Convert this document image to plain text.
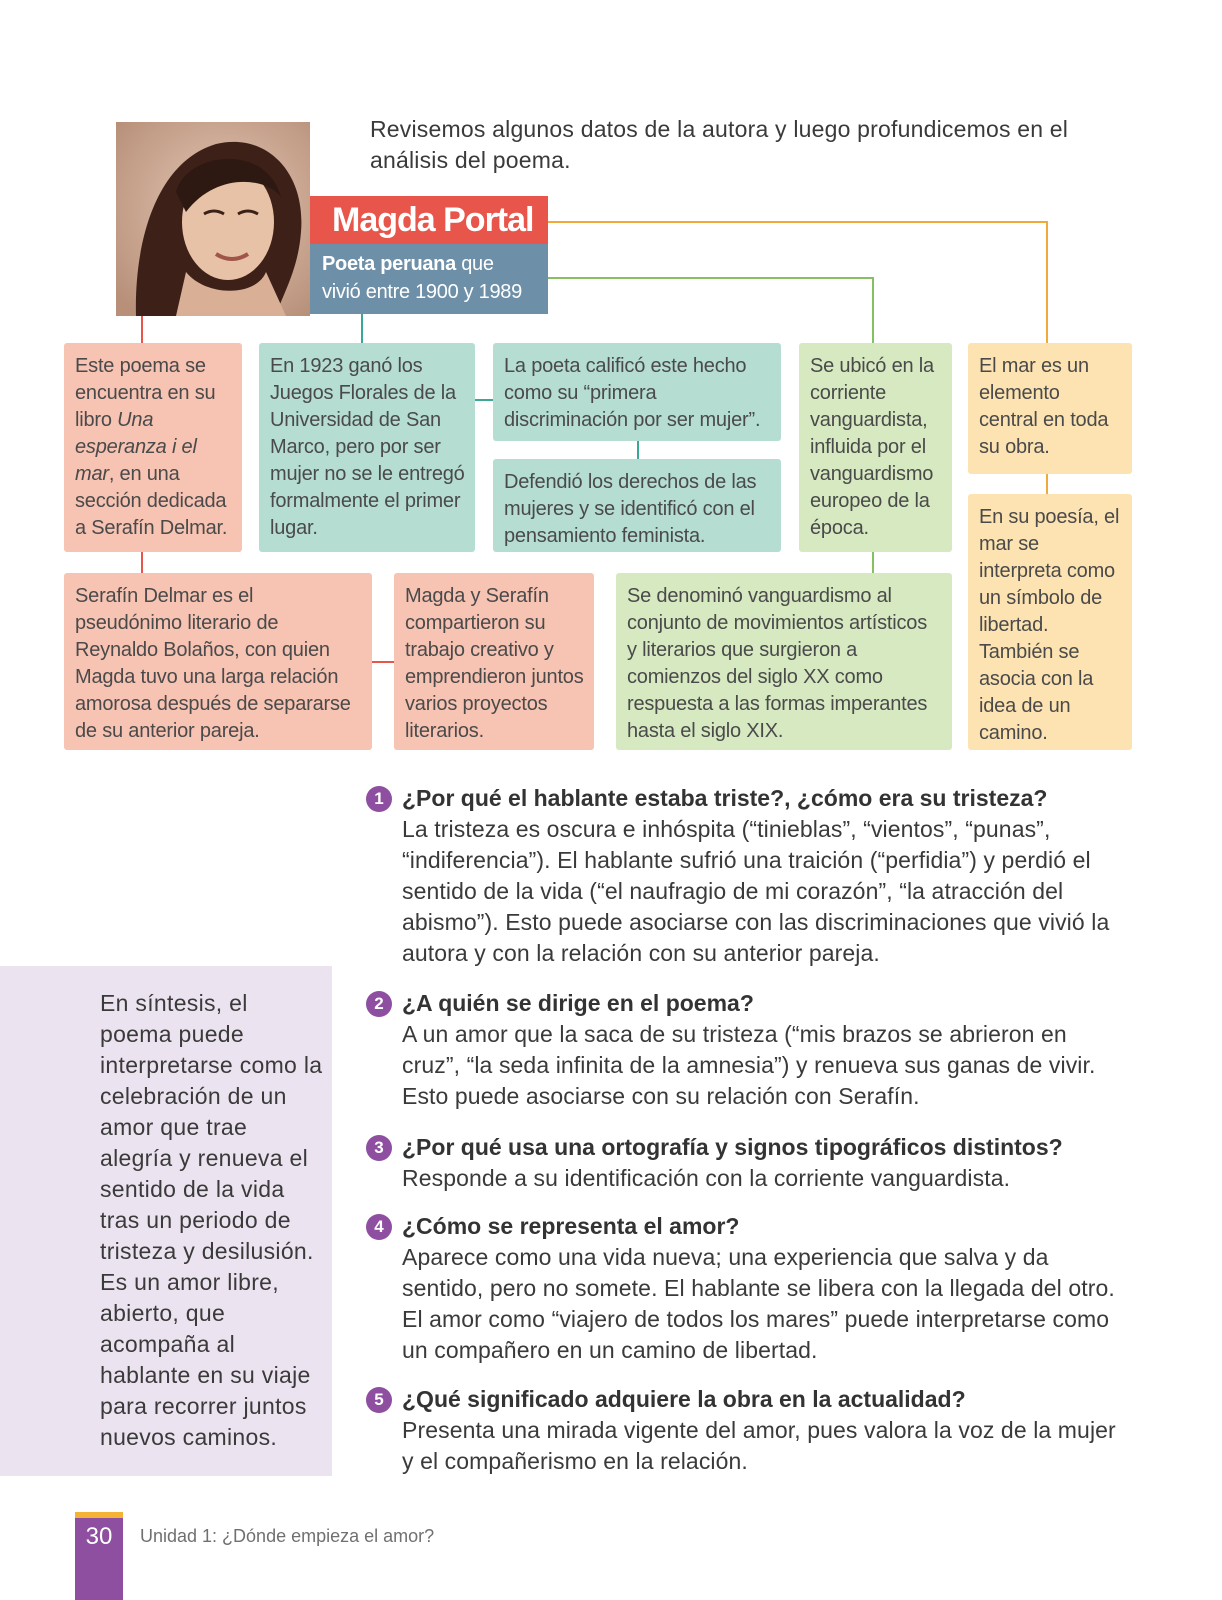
Revisemos algunos datos de la autora y luego profundicemos en el análisis del poema.
Magda Portal
Poeta peruana que
vivió entre 1900 y 1989
Este poema se encuentra en su libro Una esperanza i el mar, en una sección dedicada a Serafín Delmar.
En 1923 ganó los Juegos Florales de la Universidad de San Marco, pero por ser mujer no se le entregó formalmente el primer lugar.
La poeta calificó este hecho como su “primera discriminación por ser mujer”.
Defendió los derechos de las mujeres y se identificó con el pensamiento feminista.
Se ubicó en la corriente vanguardista, influida por el vanguardismo europeo de la época.
El mar es un elemento central en toda su obra.
En su poesía, el mar se interpreta como un símbolo de libertad. También se asocia con la idea de un camino.
Serafín Delmar es el pseudónimo literario de Reynaldo Bolaños, con quien Magda tuvo una larga relación amorosa después de separarse de su anterior pareja.
Magda y Serafín compartieron su trabajo creativo y emprendieron juntos varios proyectos literarios.
Se denominó vanguardismo al conjunto de movimientos artísticos y literarios que surgieron a comienzos del siglo XX como respuesta a las formas imperantes hasta el siglo XIX.
1 ¿Por qué el hablante estaba triste?, ¿cómo era su tristeza?
La tristeza es oscura e inhóspita (“tinieblas”, “vientos”, “punas”, “indiferencia”). El hablante sufrió una traición (“perfidia”) y perdió el sentido de la vida (“el naufragio de mi corazón”, “la atracción del abismo”). Esto puede asociarse con las discriminaciones que vivió la autora y con la relación con su anterior pareja.
2 ¿A quién se dirige en el poema?
A un amor que la saca de su tristeza (“mis brazos se abrieron en cruz”, “la seda infinita de la amnesia”) y renueva sus ganas de vivir. Esto puede asociarse con su relación con Serafín.
3 ¿Por qué usa una ortografía y signos tipográficos distintos?
Responde a su identificación con la corriente vanguardista.
4 ¿Cómo se representa el amor?
Aparece como una vida nueva; una experiencia que salva y da sentido, pero no somete. El hablante se libera con la llegada del otro. El amor como “viajero de todos los mares” puede interpretarse como un compañero en un camino de libertad.
5 ¿Qué significado adquiere la obra en la actualidad?
Presenta una mirada vigente del amor, pues valora la voz de la mujer y el compañerismo en la relación.
En síntesis, el poema puede interpretarse como la celebración de un amor que trae alegría y renueva el sentido de la vida tras un periodo de tristeza y desilusión. Es un amor libre, abierto, que acompaña al hablante en su viaje para recorrer juntos nuevos caminos.
30	Unidad 1: ¿Dónde empieza el amor?
